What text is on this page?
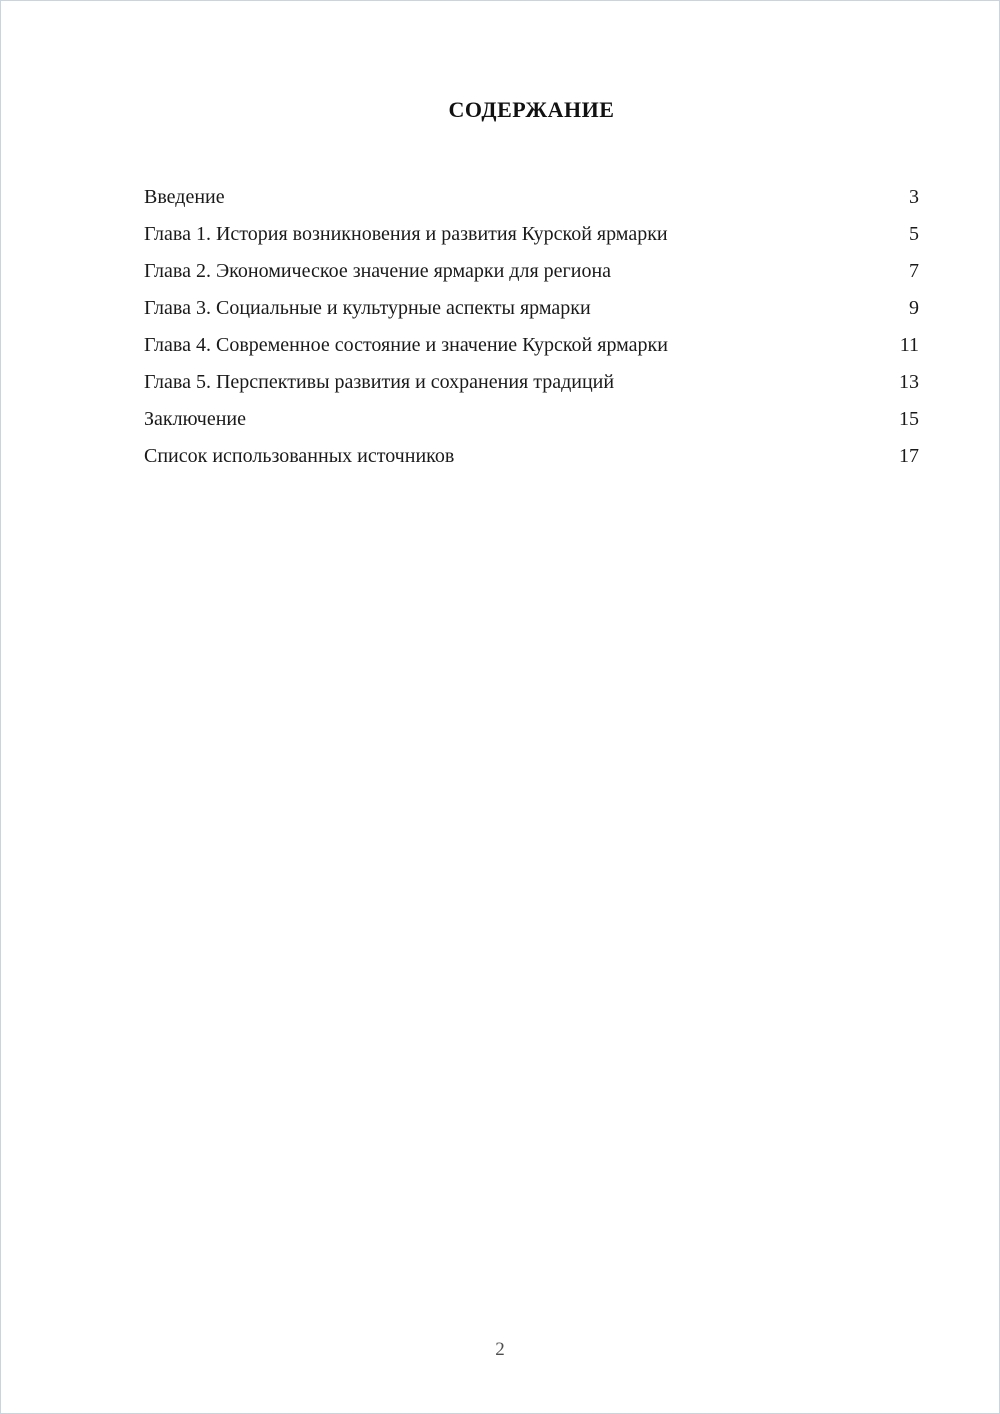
СОДЕРЖАНИЕ
Введение	3
Глава 1. История возникновения и развития Курской ярмарки	5
Глава 2. Экономическое значение ярмарки для региона	7
Глава 3. Социальные и культурные аспекты ярмарки	9
Глава 4. Современное состояние и значение Курской ярмарки	11
Глава 5. Перспективы развития и сохранения традиций	13
Заключение	15
Список использованных источников	17
2
